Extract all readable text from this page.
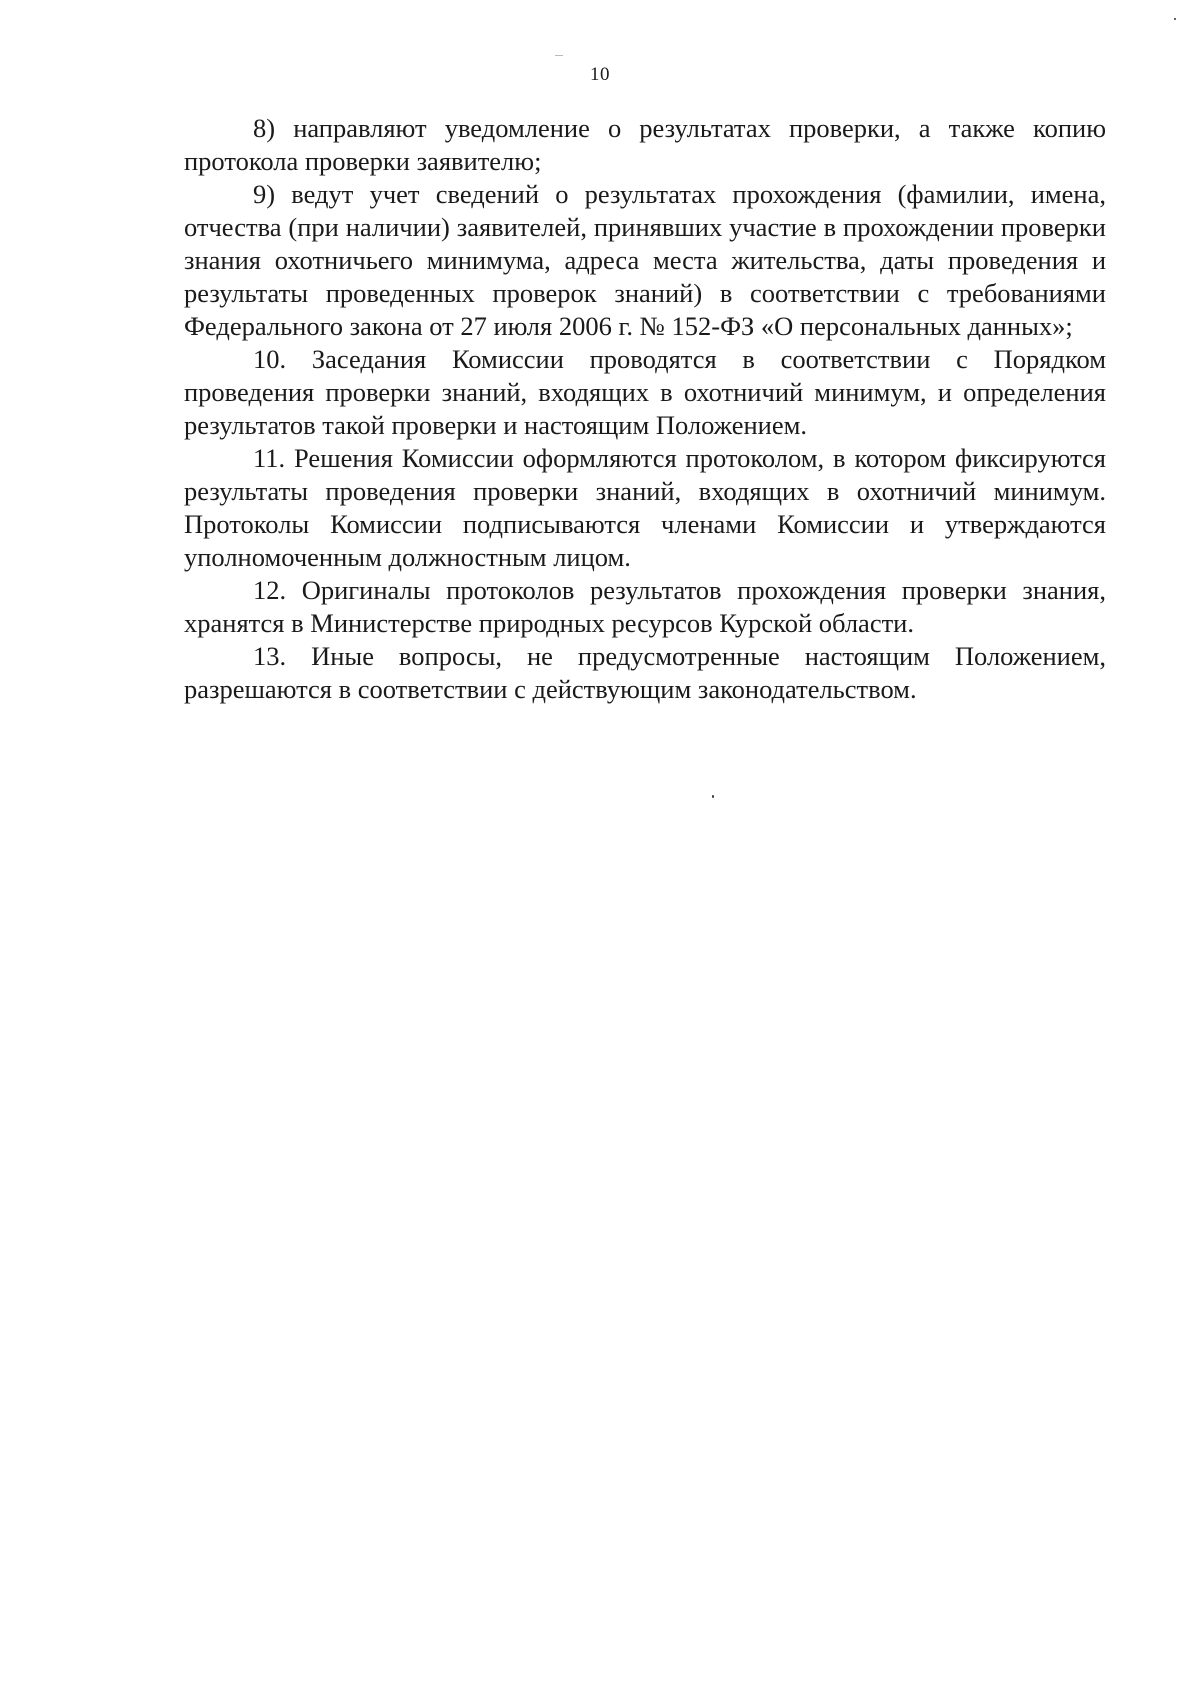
10

8) направляют уведомление о результатах проверки, а также копию протокола проверки заявителю;

9) ведут учет сведений о результатах прохождения (фамилии, имена, отчества (при наличии) заявителей, принявших участие в прохождении проверки знания охотничьего минимума, адреса места жительства, даты проведения и результаты проведенных проверок знаний) в соответствии с требованиями Федерального закона от 27 июля 2006 г. № 152-ФЗ «О персональных данных»;

10. Заседания Комиссии проводятся в соответствии с Порядком проведения проверки знаний, входящих в охотничий минимум, и определения результатов такой проверки и настоящим Положением.

11. Решения Комиссии оформляются протоколом, в котором фиксируются результаты проведения проверки знаний, входящих в охотничий минимум. Протоколы Комиссии подписываются членами Комиссии и утверждаются уполномоченным должностным лицом.

12. Оригиналы протоколов результатов прохождения проверки знания, хранятся в Министерстве природных ресурсов Курской области.

13. Иные вопросы, не предусмотренные настоящим Положением, разрешаются в соответствии с действующим законодательством.
